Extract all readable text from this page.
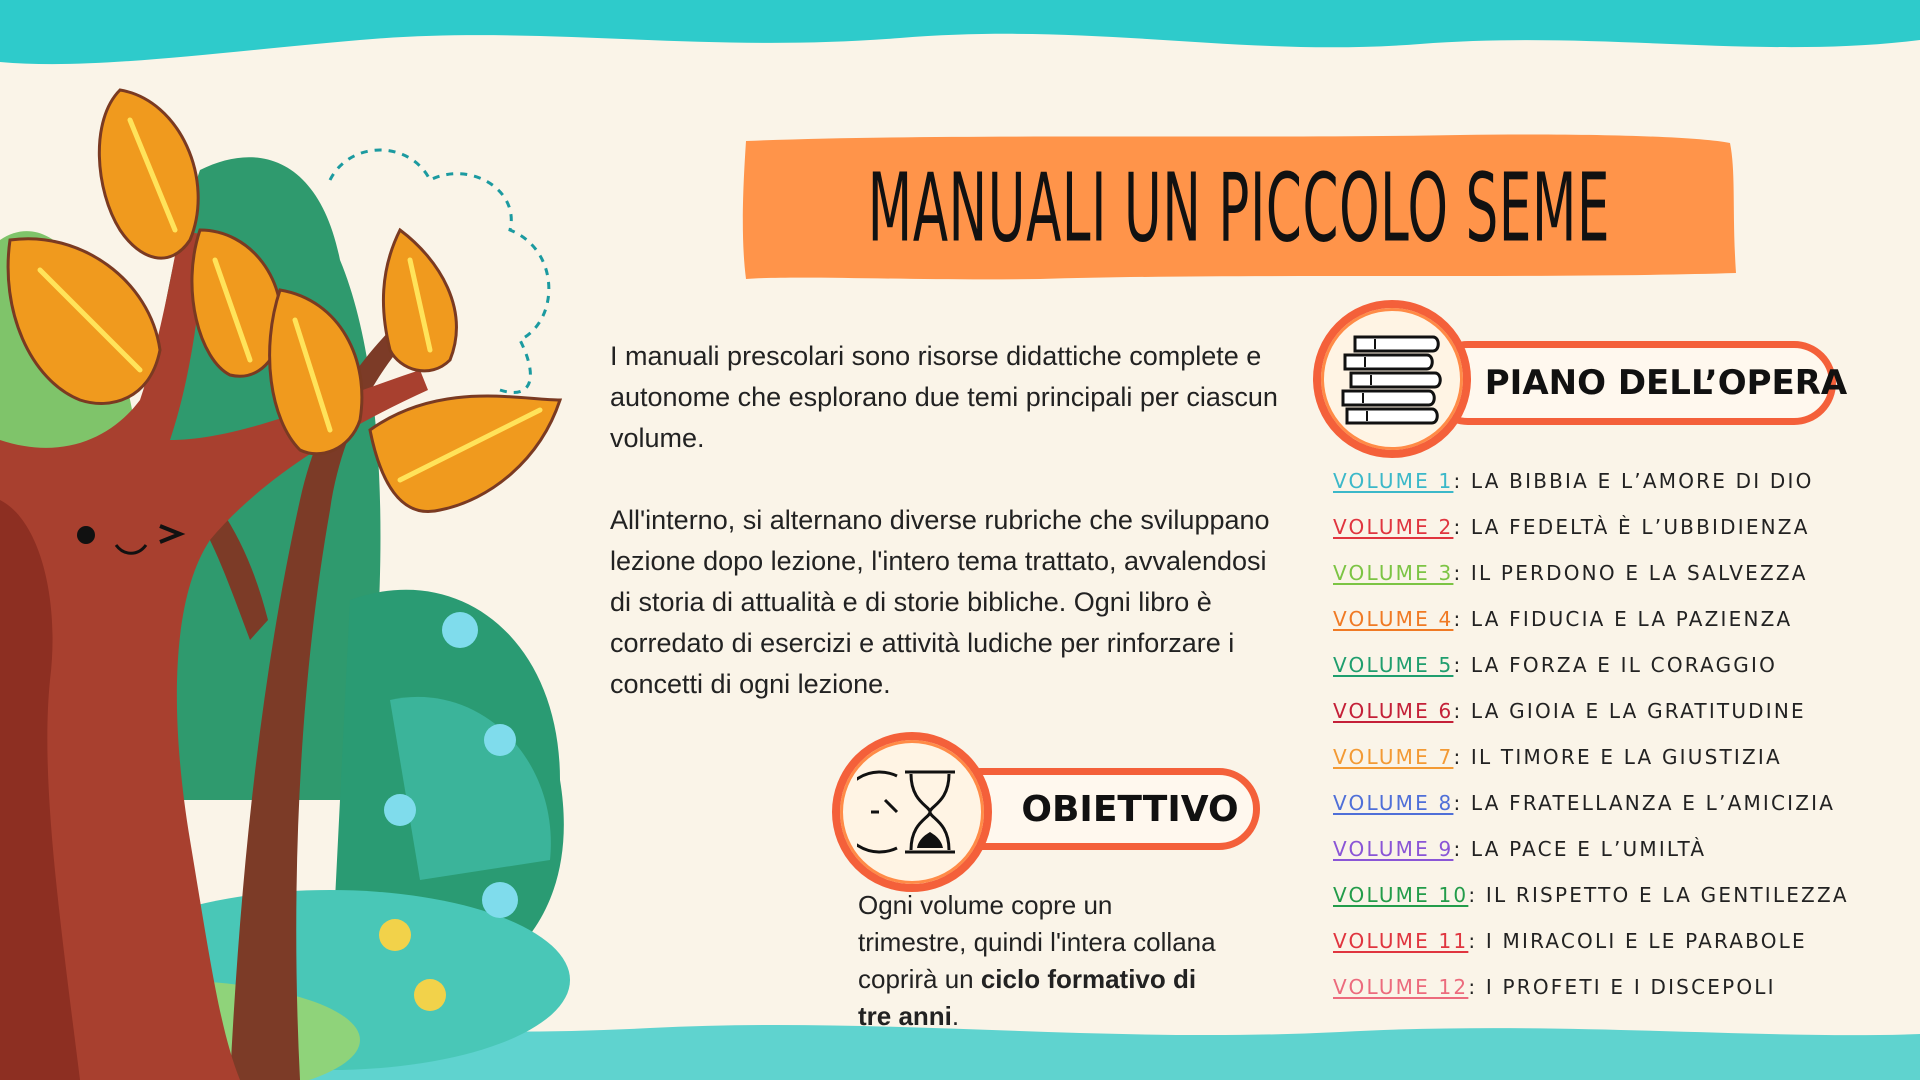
MANUALI UN PICCOLO SEME

I manuali prescolari sono risorse didattiche complete e autonome che esplorano due temi principali per ciascun volume.

All'interno, si alternano diverse rubriche che sviluppano lezione dopo lezione, l'intero tema trattato, avvalendosi di storia di attualità e di storie bibliche. Ogni libro è corredato di esercizi e attività ludiche per rinforzare i concetti di ogni lezione.

PIANO DELL’OPERA
VOLUME 1 : LA BIBBIA E L’AMORE DI DIO
VOLUME 2 : LA FEDELTÀ È L’UBBIDIENZA
VOLUME 3 : IL PERDONO E LA SALVEZZA
VOLUME 4 : LA FIDUCIA E LA PAZIENZA
VOLUME 5 : LA FORZA E IL CORAGGIO
VOLUME 6 : LA GIOIA E LA GRATITUDINE
VOLUME 7 : IL TIMORE E LA GIUSTIZIA
VOLUME 8 : LA FRATELLANZA E L’AMICIZIA
VOLUME 9 : LA PACE E L’UMILTÀ
VOLUME 10 : IL RISPETTO E LA GENTILEZZA
VOLUME 11 : I MIRACOLI E LE PARABOLE
VOLUME 12 : I PROFETI E I DISCEPOLI
OBIETTIVO
Ogni volume copre un trimestre, quindi l'intera collana coprirà un ciclo formativo di tre anni.
